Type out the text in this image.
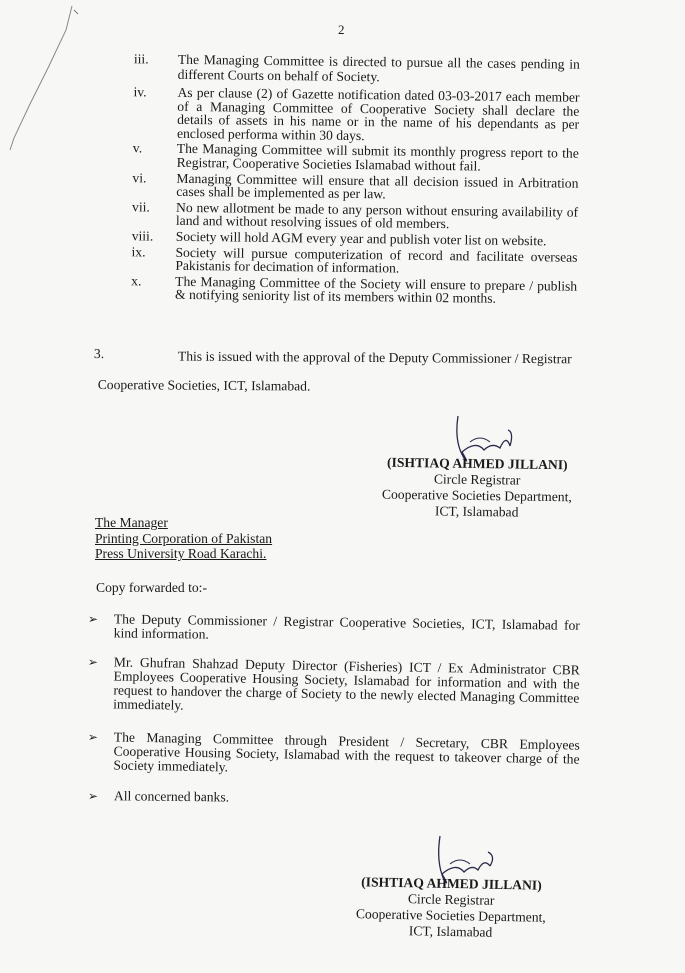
2
iii. The Managing Committee is directed to pursue all the cases pending in different Courts on behalf of Society.
iv. As per clause (2) of Gazette notification dated 03-03-2017 each member of a Managing Committee of Cooperative Society shall declare the details of assets in his name or in the name of his dependants as per enclosed performa within 30 days.
v.	The Managing Committee will submit its monthly progress report to the Registrar, Cooperative Societies Islamabad without fail.
vi. Managing Committee will ensure that all decision issued in Arbitration cases shall be implemented as per law.
vii. No new allotment be made to any person without ensuring availability of land and without resolving issues of old members.
viii. Society will hold AGM every year and publish voter list on website.
ix. Society will pursue computerization of record and facilitate overseas Pakistanis for decimation of information.
x. The Managing Committee of the Society will ensure to prepare / publish & notifying seniority list of its members within 02 months.
3.	This is issued with the approval of the Deputy Commissioner / Registrar
Cooperative Societies, ICT, Islamabad.
(ISHTIAQ AHMED JILLANI)
Circle Registrar
Cooperative Societies Department,
ICT, Islamabad
The Manager
Printing Corporation of Pakistan
Press University Road Karachi.
Copy forwarded to:-
➢ The Deputy Commissioner / Registrar Cooperative Societies, ICT, Islamabad for kind information.
➢ Mr. Ghufran Shahzad Deputy Director (Fisheries) ICT / Ex Administrator CBR Employees Cooperative Housing Society, Islamabad for information and with the request to handover the charge of Society to the newly elected Managing Committee immediately.
➢ The Managing Committee through President / Secretary, CBR Employees Cooperative Housing Society, Islamabad with the request to takeover charge of the Society immediately.
➢ All concerned banks.
(ISHTIAQ AHMED JILLANI)
Circle Registrar
Cooperative Societies Department,
ICT, Islamabad
